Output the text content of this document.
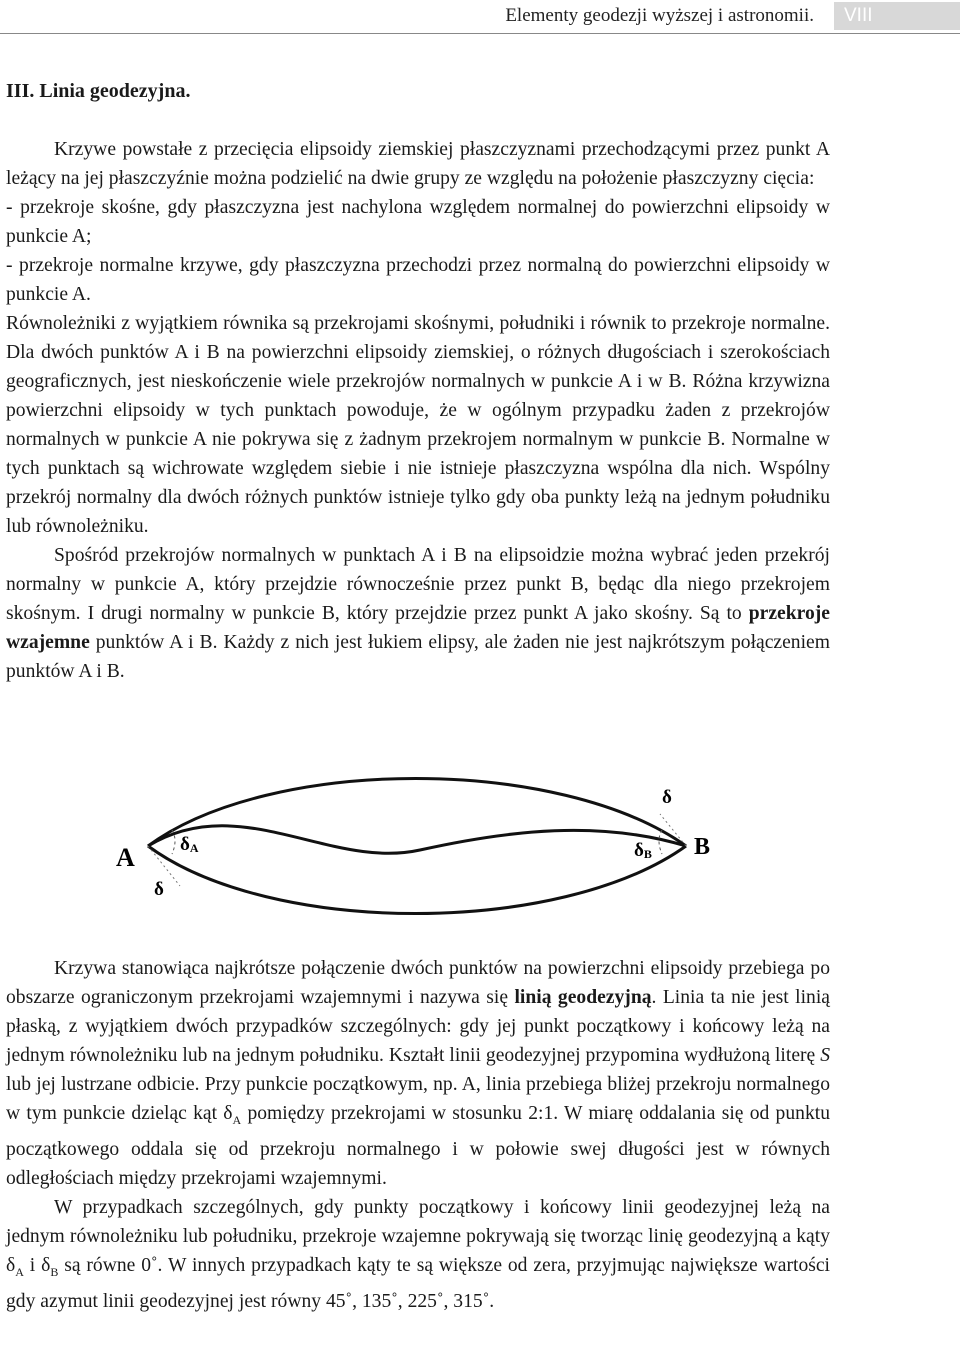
Elementy geodezji wyższej i astronomii.	VIII
III. Linia geodezyjna.

Krzywe powstałe z przecięcia elipsoidy ziemskiej płaszczyznami przechodzącymi przez punkt A leżący na jej płaszczyźnie można podzielić na dwie grupy ze względu na położenie płaszczyzny cięcia:

- przekroje skośne, gdy płaszczyzna jest nachylona względem normalnej do powierzchni elipsoidy w punkcie A;

- przekroje normalne krzywe, gdy płaszczyzna przechodzi przez normalną do powierzchni elipsoidy w punkcie A.

Równoleżniki z wyjątkiem równika są przekrojami skośnymi, południki i równik to przekroje normalne. Dla dwóch punktów A i B na powierzchni elipsoidy ziemskiej, o różnych długościach i szerokościach geograficznych, jest nieskończenie wiele przekrojów normalnych w punkcie A i w B. Różna krzywizna powierzchni elipsoidy w tych punktach powoduje, że w ogólnym przypadku żaden z przekrojów normalnych w punkcie A nie pokrywa się z żadnym przekrojem normalnym w punkcie B. Normalne w tych punktach są wichrowate względem siebie i nie istnieje płaszczyzna wspólna dla nich. Wspólny przekrój normalny dla dwóch różnych punktów istnieje tylko gdy oba punkty leżą na jednym południku lub równoleżniku.

Spośród przekrojów normalnych w punktach A i B na elipsoidzie można wybrać jeden przekrój normalny w punkcie A, który przejdzie równocześnie przez punkt B, będąc dla niego przekrojem skośnym. I drugi normalny w punkcie B, który przejdzie przez punkt A jako skośny. Są to przekroje wzajemne punktów A i B. Każdy z nich jest łukiem elipsy, ale żaden nie jest najkrótszym połączeniem punktów A i B.

A	B
δA
δ
δB
δ

Krzywa stanowiąca najkrótsze połączenie dwóch punktów na powierzchni elipsoidy przebiega po obszarze ograniczonym przekrojami wzajemnymi i nazywa się linią geodezyjną. Linia ta nie jest linią płaską, z wyjątkiem dwóch przypadków szczególnych: gdy jej punkt początkowy i końcowy leżą na jednym równoleżniku lub na jednym południku. Kształt linii geodezyjnej przypomina wydłużoną literę S lub jej lustrzane odbicie. Przy punkcie początkowym, np. A, linia przebiega bliżej przekroju normalnego w tym punkcie dzieląc kąt $\delta_A$ pomiędzy przekrojami w stosunku 2:1. W miarę oddalania się od punktu początkowego oddala się od przekroju normalnego i w połowie swej długości jest w równych odległościach między przekrojami wzajemnymi.

W przypadkach szczególnych, gdy punkty początkowy i końcowy linii geodezyjnej leżą na jednym równoleżniku lub południku, przekroje wzajemne pokrywają się tworząc linię geodezyjną a kąty $\delta_A$ i $\delta_B$ są równe 0˚. W innych przypadkach kąty te są większe od zera, przyjmując największe wartości gdy azymut linii geodezyjnej jest równy 45˚, 135˚, 225˚, 315˚.
